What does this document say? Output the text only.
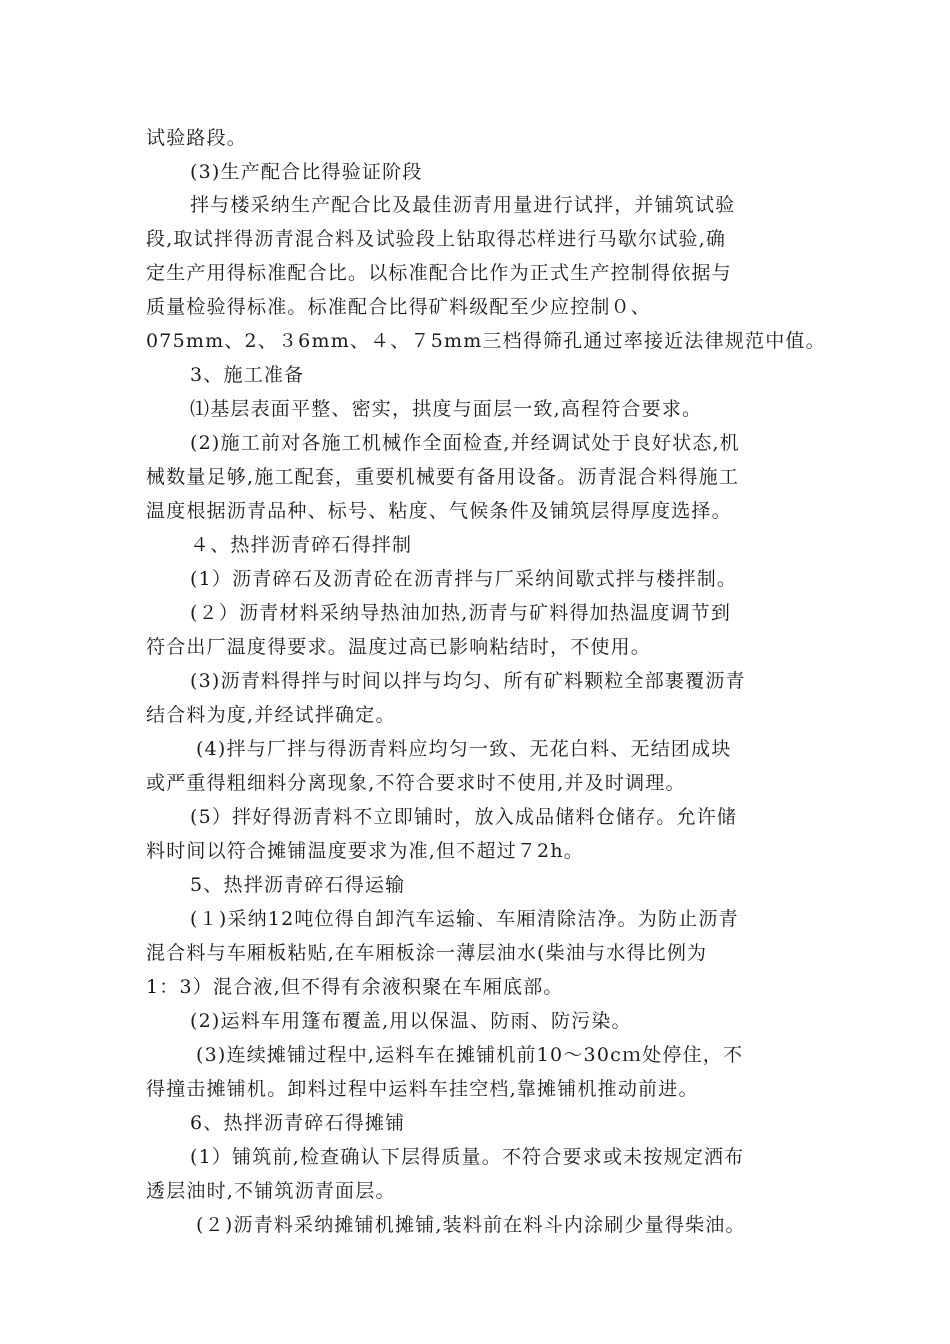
试验路段。
(3)生产配合比得验证阶段
拌与楼采纳生产配合比及最佳沥青用量进行试拌，并铺筑试验
段,取试拌得沥青混合料及试验段上钻取得芯样进行马歇尔试验,确
定生产用得标准配合比。以标准配合比作为正式生产控制得依据与
质量检验得标准。标准配合比得矿料级配至少应控制０、
075mm、2、３6mm、４、７5mm三档得筛孔通过率接近法律规范中值。
3、施工准备
⑴基层表面平整、密实，拱度与面层一致,高程符合要求。
(2)施工前对各施工机械作全面检查,并经调试处于良好状态,机
械数量足够,施工配套，重要机械要有备用设备。沥青混合料得施工
温度根据沥青品种、标号、粘度、气候条件及铺筑层得厚度选择。
４、热拌沥青碎石得拌制
(1）沥青碎石及沥青砼在沥青拌与厂采纳间歇式拌与楼拌制。
(２）沥青材料采纳导热油加热,沥青与矿料得加热温度调节到
符合出厂温度得要求。温度过高已影响粘结时，不使用。
(3)沥青料得拌与时间以拌与均匀、所有矿料颗粒全部裹覆沥青
结合料为度,并经试拌确定。
(4)拌与厂拌与得沥青料应均匀一致、无花白料、无结团成块
或严重得粗细料分离现象,不符合要求时不使用,并及时调理。
(5）拌好得沥青料不立即铺时，放入成品储料仓储存。允许储
料时间以符合摊铺温度要求为准,但不超过７2h。
5、热拌沥青碎石得运输
(１)采纳12吨位得自卸汽车运输、车厢清除洁净。为防止沥青
混合料与车厢板粘贴,在车厢板涂一薄层油水(柴油与水得比例为
1：3）混合液,但不得有余液积聚在车厢底部。
(2)运料车用篷布覆盖,用以保温、防雨、防污染。
(3)连续摊铺过程中,运料车在摊铺机前10～30cｍ处停住，不
得撞击摊铺机。卸料过程中运料车挂空档,靠摊铺机推动前进。
6、热拌沥青碎石得摊铺
(1）铺筑前,检查确认下层得质量。不符合要求或未按规定洒布
透层油时,不铺筑沥青面层。
(２)沥青料采纳摊铺机摊铺,装料前在料斗内涂刷少量得柴油。
